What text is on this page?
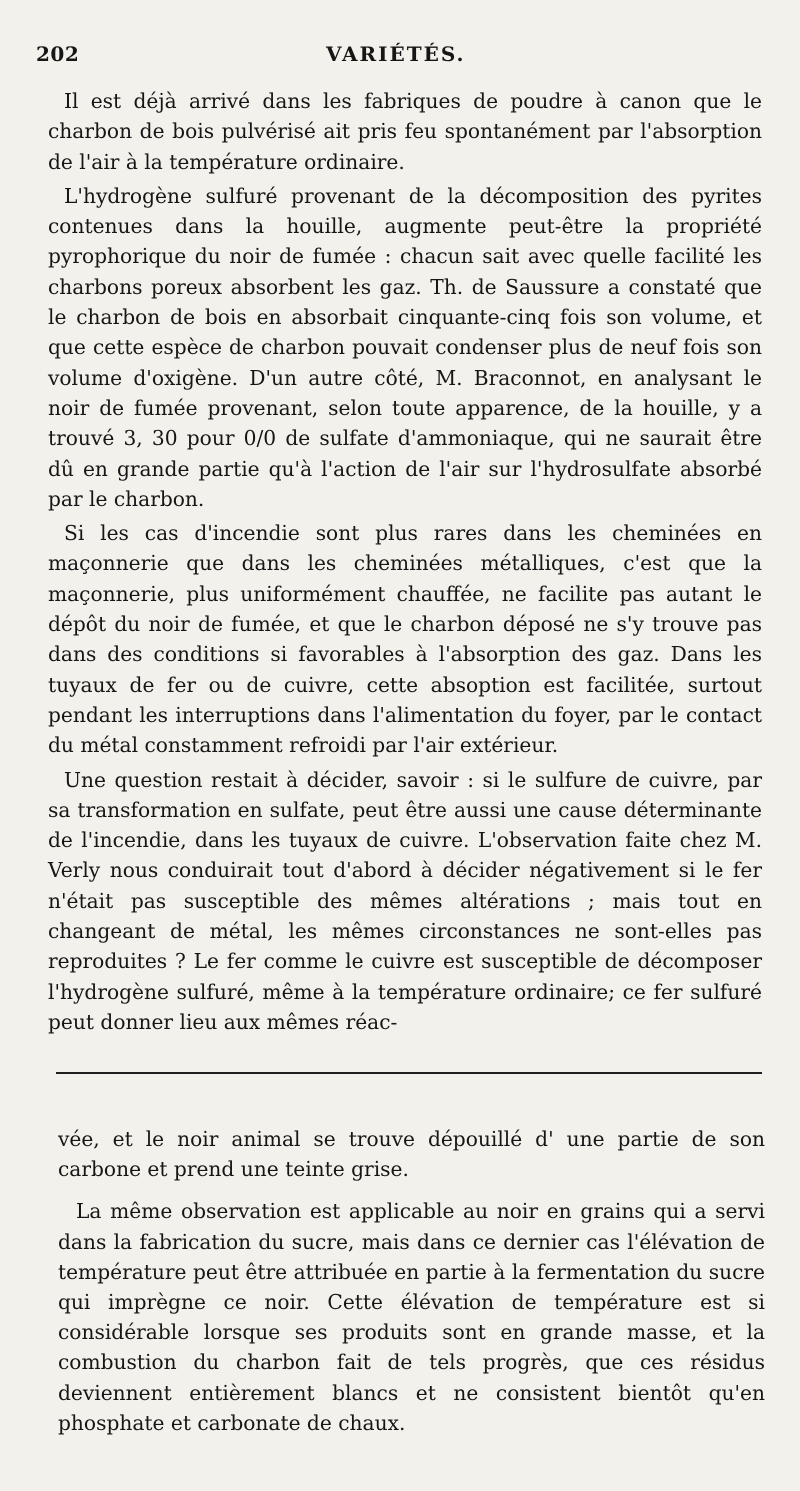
202	VARIÉTÉS.

Il est déjà arrivé dans les fabriques de poudre à canon que le charbon de bois pulvérisé ait pris feu spontanément par l'absorption de l'air à la température ordinaire.

L'hydrogène sulfuré provenant de la décomposition des pyrites contenues dans la houille, augmente peut-être la propriété pyrophorique du noir de fumée : chacun sait avec quelle facilité les charbons poreux absorbent les gaz. Th. de Saussure a constaté que le charbon de bois en absorbait cinquante-cinq fois son volume, et que cette espèce de charbon pouvait condenser plus de neuf fois son volume d'oxigène. D'un autre côté, M. Braconnot, en analysant le noir de fumée provenant, selon toute apparence, de la houille, y a trouvé 3, 30 pour 0/0 de sulfate d'ammoniaque, qui ne saurait être dû en grande partie qu'à l'action de l'air sur l'hydrosulfate absorbé par le charbon.

Si les cas d'incendie sont plus rares dans les cheminées en maçonnerie que dans les cheminées métalliques, c'est que la maçonnerie, plus uniformément chauffée, ne facilite pas autant le dépôt du noir de fumée, et que le charbon déposé ne s'y trouve pas dans des conditions si favorables à l'absorption des gaz. Dans les tuyaux de fer ou de cuivre, cette absoption est facilitée, surtout pendant les interruptions dans l'alimentation du foyer, par le contact du métal constamment refroidi par l'air extérieur.

Une question restait à décider, savoir : si le sulfure de cuivre, par sa transformation en sulfate, peut être aussi une cause déterminante de l'incendie, dans les tuyaux de cuivre. L'observation faite chez M. Verly nous conduirait tout d'abord à décider négativement si le fer n'était pas susceptible des mêmes altérations ; mais tout en changeant de métal, les mêmes circonstances ne sont-elles pas reproduites ? Le fer comme le cuivre est susceptible de décomposer l'hydrogène sulfuré, même à la température ordinaire; ce fer sulfuré peut donner lieu aux mêmes réac-

vée, et le noir animal se trouve dépouillé d' une partie de son carbone et prend une teinte grise.

La même observation est applicable au noir en grains qui a servi dans la fabrication du sucre, mais dans ce dernier cas l'élévation de température peut être attribuée en partie à la fermentation du sucre qui imprègne ce noir. Cette élévation de température est si considérable lorsque ses produits sont en grande masse, et la combustion du charbon fait de tels progrès, que ces résidus deviennent entièrement blancs et ne consistent bientôt qu'en phosphate et carbonate de chaux.
